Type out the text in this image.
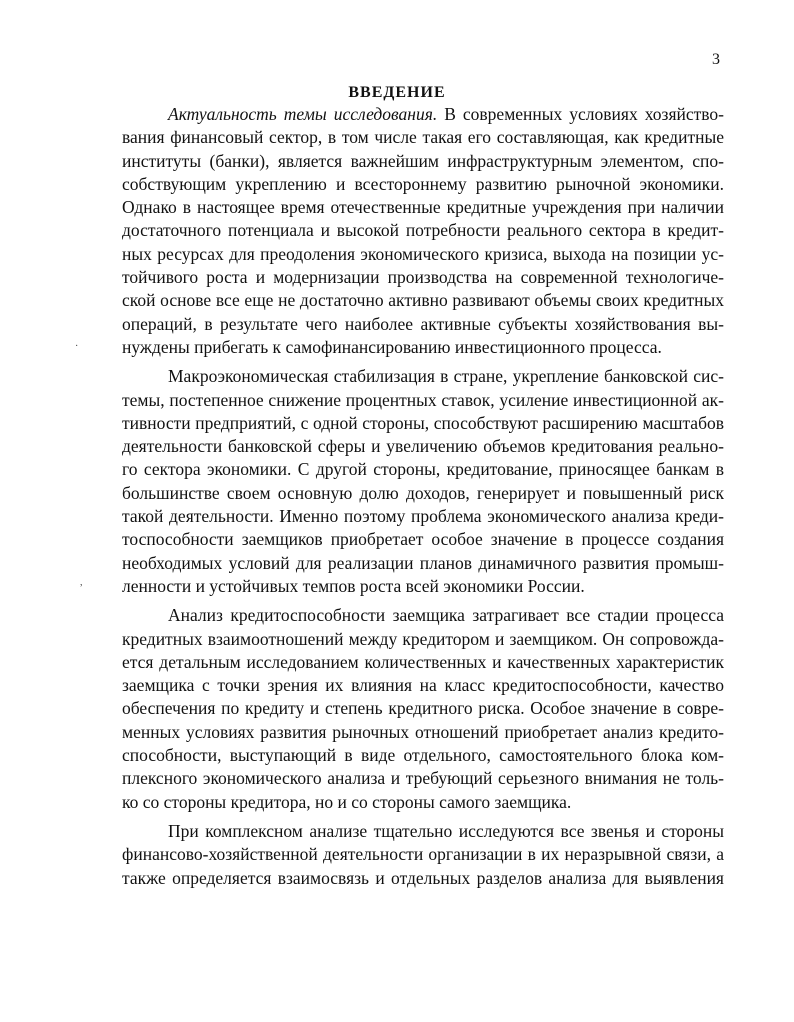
3
ВВЕДЕНИЕ
Актуальность темы исследования. В современных условиях хозяйство-
вания финансовый сектор, в том числе такая его составляющая, как кредитные
институты (банки), является важнейшим инфраструктурным элементом, спо-
собствующим укреплению и всестороннему развитию рыночной экономики.
Однако в настоящее время отечественные кредитные учреждения при наличии
достаточного потенциала и высокой потребности реального сектора в кредит-
ных ресурсах для преодоления экономического кризиса, выхода на позиции ус-
тойчивого роста и модернизации производства на современной технологиче-
ской основе все еще не достаточно активно развивают объемы своих кредитных
операций, в результате чего наиболее активные субъекты хозяйствования вы-
нуждены прибегать к самофинансированию инвестиционного процесса.
Макроэкономическая стабилизация в стране, укрепление банковской сис-
темы, постепенное снижение процентных ставок, усиление инвестиционной ак-
тивности предприятий, с одной стороны, способствуют расширению масштабов
деятельности банковской сферы и увеличению объемов кредитования реально-
го сектора экономики. С другой стороны, кредитование, приносящее банкам в
большинстве своем основную долю доходов, генерирует и повышенный риск
такой деятельности. Именно поэтому проблема экономического анализа креди-
тоспособности заемщиков приобретает особое значение в процессе создания
необходимых условий для реализации планов динамичного развития промыш-
ленности и устойчивых темпов роста всей экономики России.
Анализ кредитоспособности заемщика затрагивает все стадии процесса
кредитных взаимоотношений между кредитором и заемщиком. Он сопровожда-
ется детальным исследованием количественных и качественных характеристик
заемщика с точки зрения их влияния на класс кредитоспособности, качество
обеспечения по кредиту и степень кредитного риска. Особое значение в совре-
менных условиях развития рыночных отношений приобретает анализ кредито-
способности, выступающий в виде отдельного, самостоятельного блока ком-
плексного экономического анализа и требующий серьезного внимания не толь-
ко со стороны кредитора, но и со стороны самого заемщика.
При комплексном анализе тщательно исследуются все звенья и стороны
финансово-хозяйственной деятельности организации в их неразрывной связи, а
также определяется взаимосвязь и отдельных разделов анализа для выявления
·
,
